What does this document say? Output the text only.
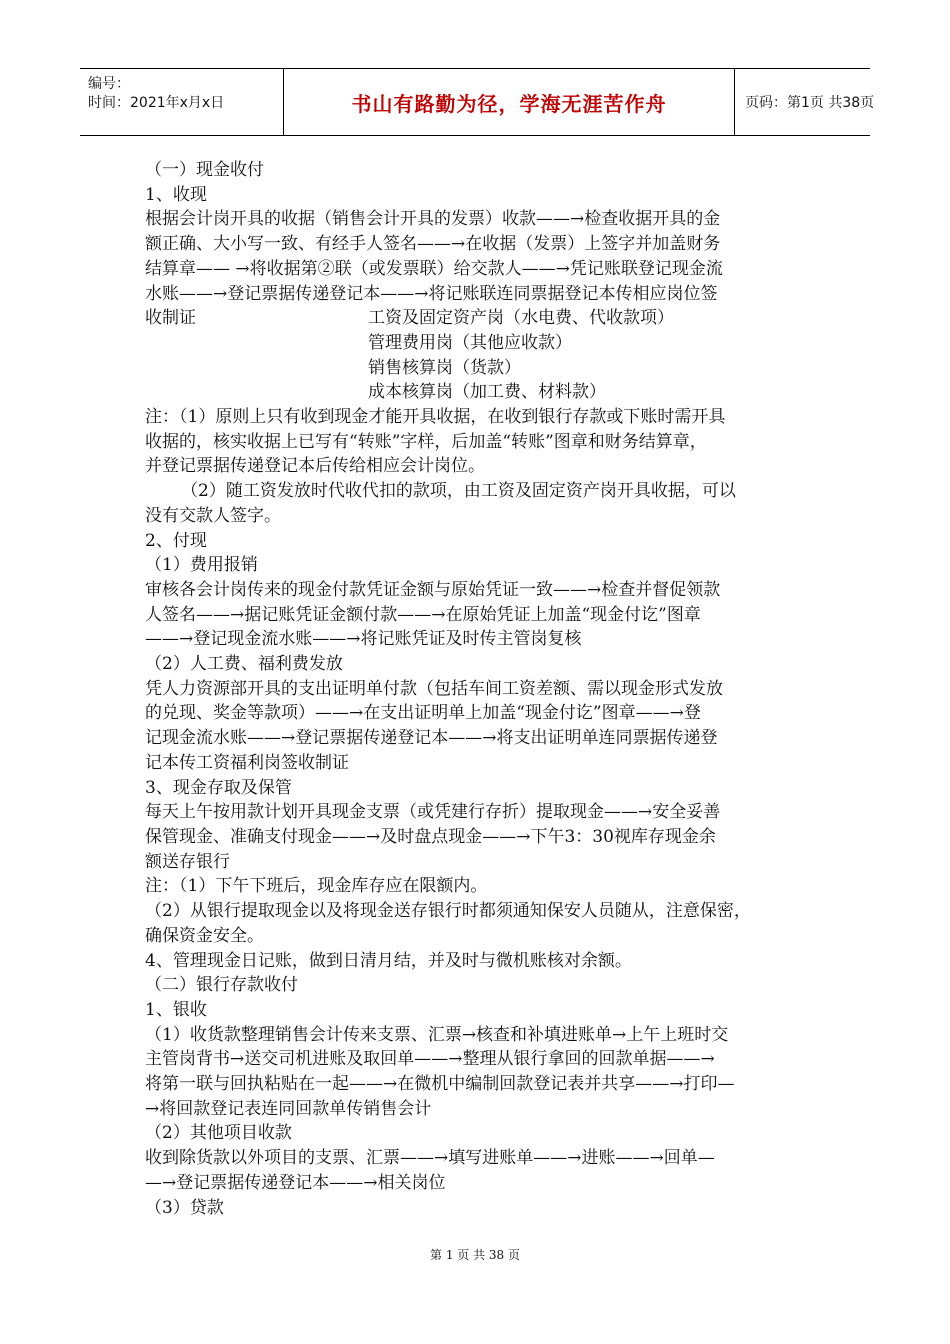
编号：
时间：2021年x月x日	书山有路勤为径，学海无涯苦作舟	页码：第1页 共38页

（一）现金收付

1、收现

根据会计岗开具的收据（销售会计开具的发票）收款——→检查收据开具的金

额正确、大小写一致、有经手人签名——→在收据（发票）上签字并加盖财务

结算章—— →将收据第②联（或发票联）给交款人——→凭记账联登记现金流

水账——→登记票据传递登记本——→将记账联连同票据登记本传相应岗位签

收制证	工资及固定资产岗（水电费、代收款项）

管理费用岗（其他应收款）

销售核算岗（货款）

成本核算岗（加工费、材料款）

注：（1）原则上只有收到现金才能开具收据，在收到银行存款或下账时需开具

收据的，核实收据上已写有“转账”字样，后加盖“转账”图章和财务结算章，

并登记票据传递登记本后传给相应会计岗位。

（2）随工资发放时代收代扣的款项，由工资及固定资产岗开具收据，可以

没有交款人签字。

2、付现

（1）费用报销

审核各会计岗传来的现金付款凭证金额与原始凭证一致——→检查并督促领款

人签名——→据记账凭证金额付款——→在原始凭证上加盖“现金付讫”图章

——→登记现金流水账——→将记账凭证及时传主管岗复核

（2）人工费、福利费发放

凭人力资源部开具的支出证明单付款（包括车间工资差额、需以现金形式发放

的兑现、奖金等款项）——→在支出证明单上加盖“现金付讫”图章——→登

记现金流水账——→登记票据传递登记本——→将支出证明单连同票据传递登

记本传工资福利岗签收制证

3、现金存取及保管

每天上午按用款计划开具现金支票（或凭建行存折）提取现金——→安全妥善

保管现金、准确支付现金——→及时盘点现金——→下午3：30视库存现金余

额送存银行

注：（1）下午下班后，现金库存应在限额内。

（2）从银行提取现金以及将现金送存银行时都须通知保安人员随从，注意保密，

确保资金安全。

4、管理现金日记账，做到日清月结，并及时与微机账核对余额。

（二）银行存款收付

1、银收

（1）收货款整理销售会计传来支票、汇票→核查和补填进账单→上午上班时交

主管岗背书→送交司机进账及取回单——→整理从银行拿回的回款单据——→

将第一联与回执粘贴在一起——→在微机中编制回款登记表并共享——→打印—

→将回款登记表连同回款单传销售会计

（2）其他项目收款

收到除货款以外项目的支票、汇票——→填写进账单——→进账——→回单—

—→登记票据传递登记本——→相关岗位

（3）贷款

第 1 页 共 38 页
